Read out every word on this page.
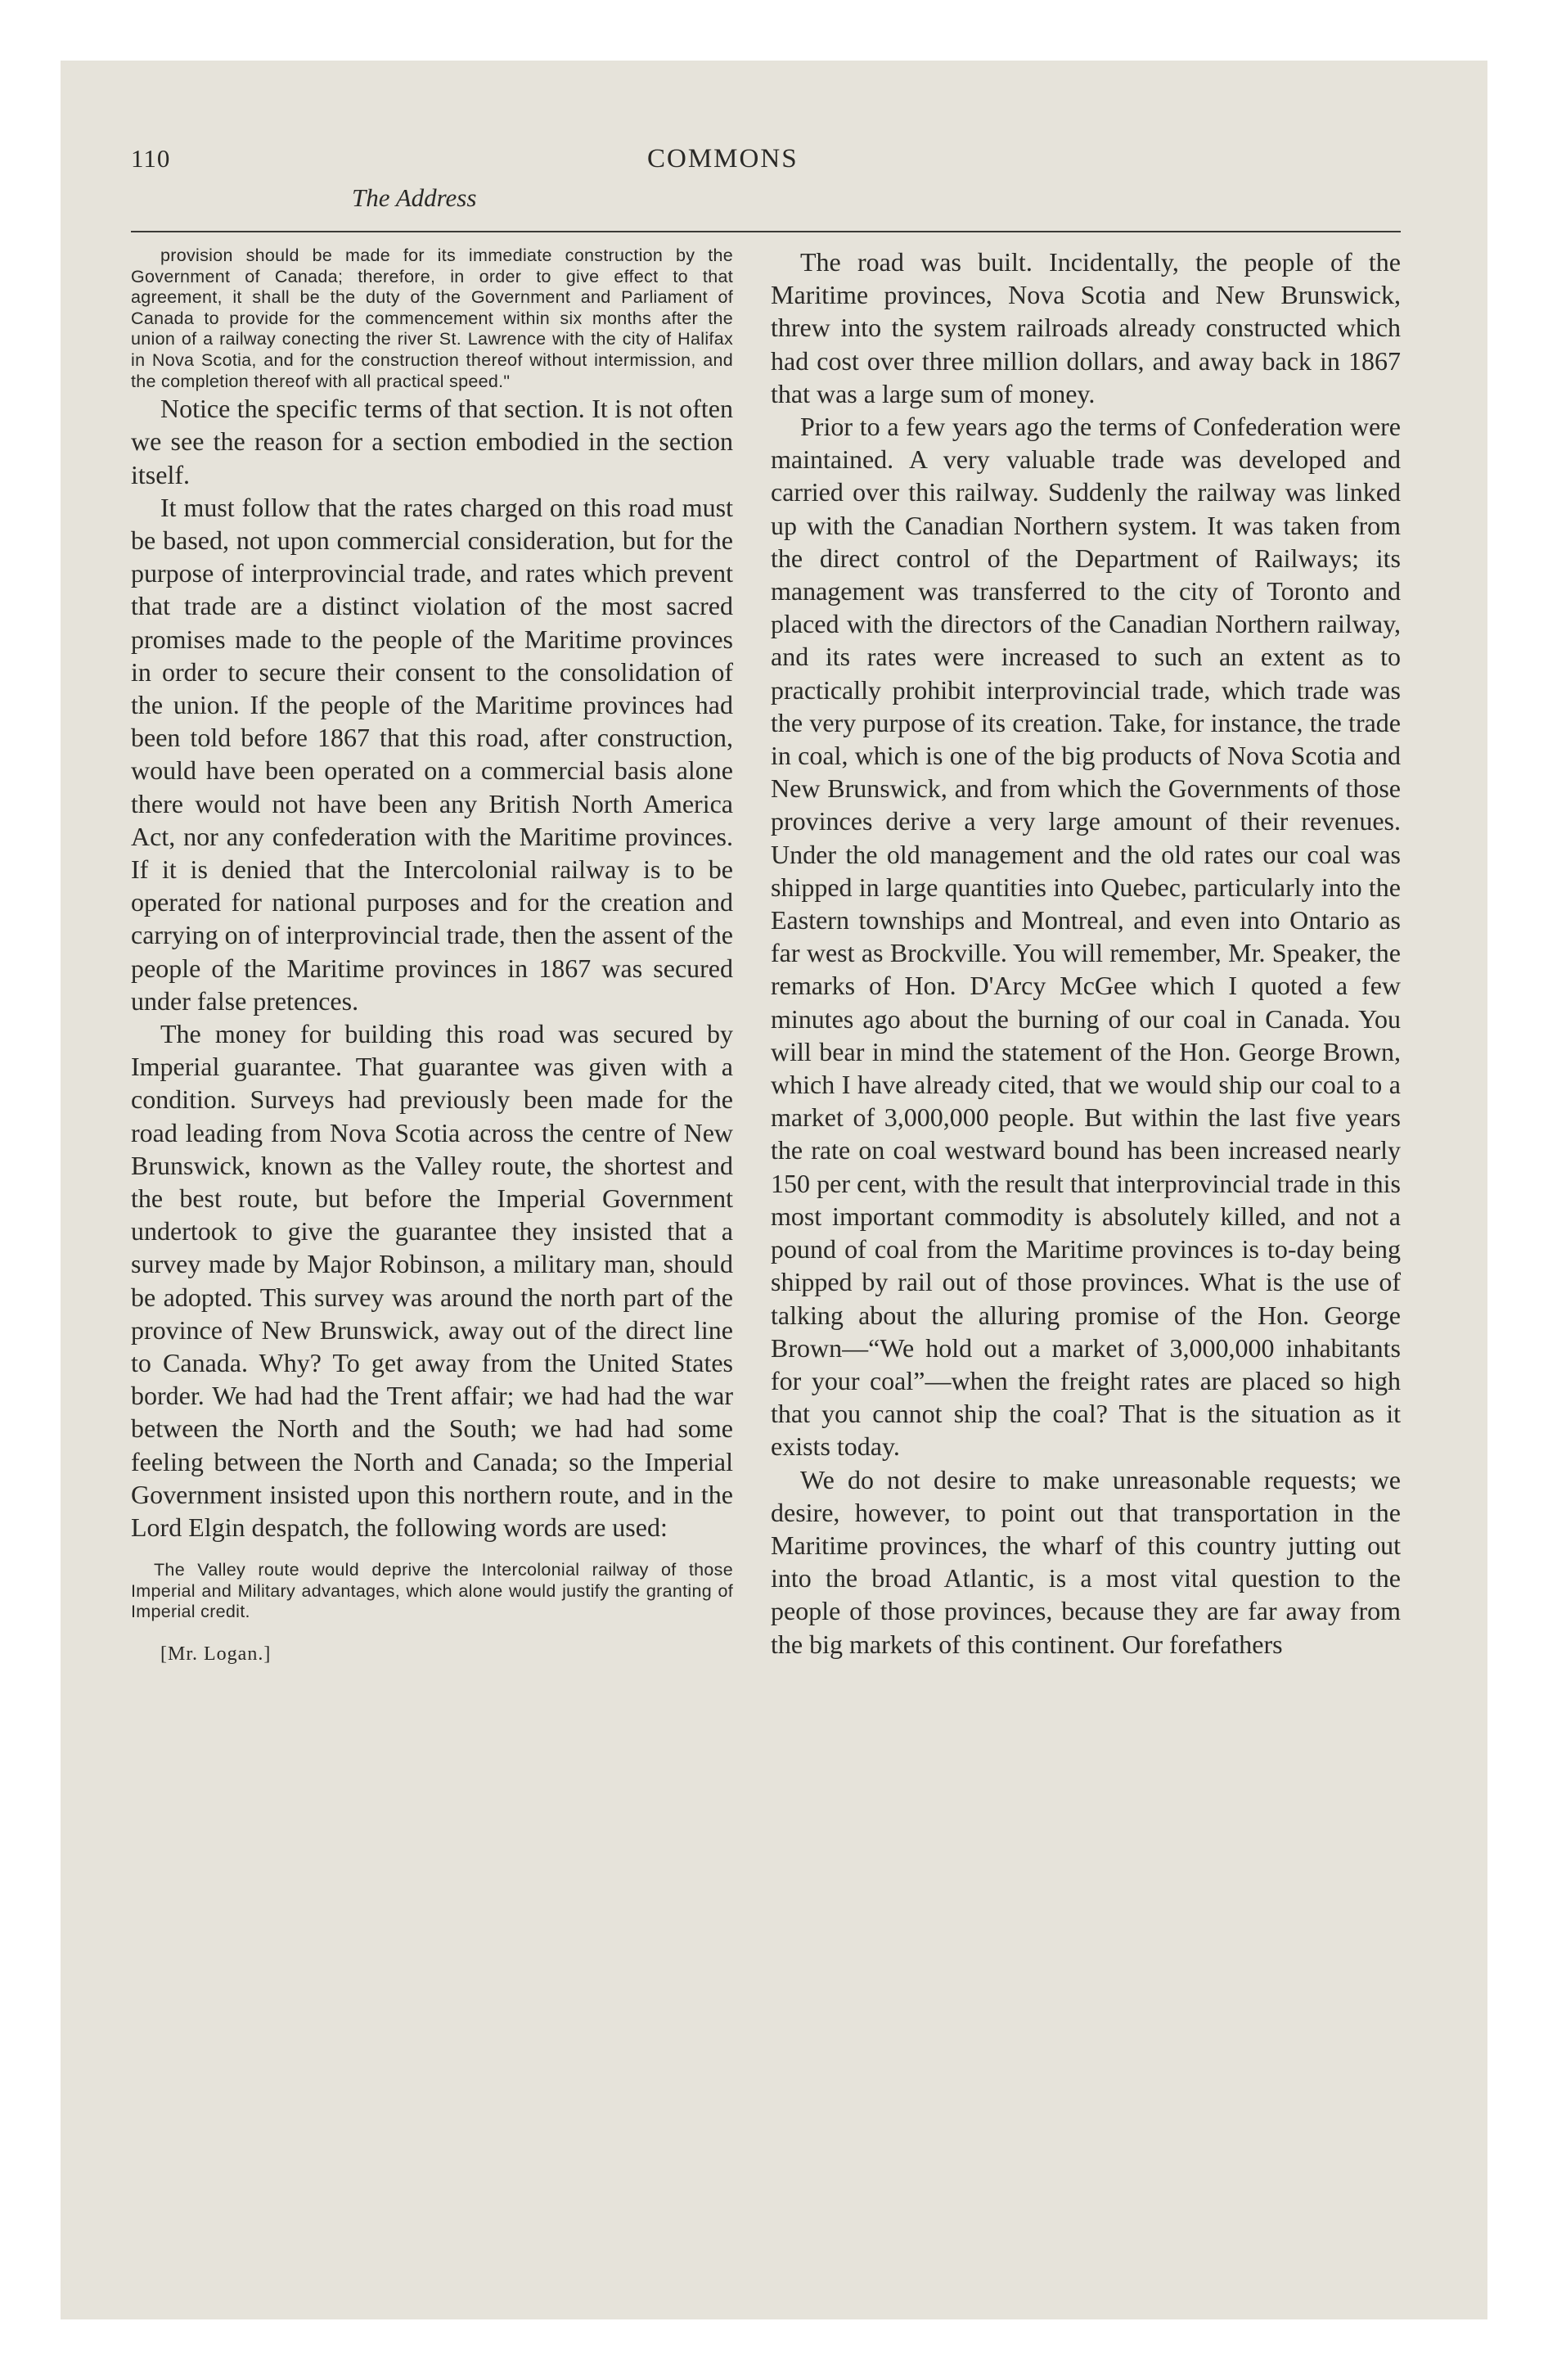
110	COMMONS
The Address

provision should be made for its immediate construction by the Government of Canada; therefore, in order to give effect to that agreement, it shall be the duty of the Government and Parliament of Canada to provide for the commencement within six months after the union of a railway conecting the river St. Lawrence with the city of Halifax in Nova Scotia, and for the construction thereof without intermission, and the completion thereof with all practical speed."

Notice the specific terms of that section. It is not often we see the reason for a section embodied in the section itself.

It must follow that the rates charged on this road must be based, not upon commercial consideration, but for the purpose of interprovincial trade, and rates which prevent that trade are a distinct violation of the most sacred promises made to the people of the Maritime provinces in order to secure their consent to the consolidation of the union. If the people of the Maritime provinces had been told before 1867 that this road, after construction, would have been operated on a commercial basis alone there would not have been any British North America Act, nor any confederation with the Maritime provinces. If it is denied that the Intercolonial railway is to be operated for national purposes and for the creation and carrying on of interprovincial trade, then the assent of the people of the Maritime provinces in 1867 was secured under false pretences.

The money for building this road was secured by Imperial guarantee. That guarantee was given with a condition. Surveys had previously been made for the road leading from Nova Scotia across the centre of New Brunswick, known as the Valley route, the shortest and the best route, but before the Imperial Government undertook to give the guarantee they insisted that a survey made by Major Robinson, a military man, should be adopted. This survey was around the north part of the province of New Brunswick, away out of the direct line to Canada. Why? To get away from the United States border. We had had the Trent affair; we had had the war between the North and the South; we had had some feeling between the North and Canada; so the Imperial Government insisted upon this northern route, and in the Lord Elgin despatch, the following words are used:

The Valley route would deprive the Intercolonial railway of those Imperial and Military advantages, which alone would justify the granting of Imperial credit.

[Mr. Logan.]

The road was built. Incidentally, the people of the Maritime provinces, Nova Scotia and New Brunswick, threw into the system railroads already constructed which had cost over three million dollars, and away back in 1867 that was a large sum of money.

Prior to a few years ago the terms of Confederation were maintained. A very valuable trade was developed and carried over this railway. Suddenly the railway was linked up with the Canadian Northern system. It was taken from the direct control of the Department of Railways; its management was transferred to the city of Toronto and placed with the directors of the Canadian Northern railway, and its rates were increased to such an extent as to practically prohibit interprovincial trade, which trade was the very purpose of its creation. Take, for instance, the trade in coal, which is one of the big products of Nova Scotia and New Brunswick, and from which the Governments of those provinces derive a very large amount of their revenues. Under the old management and the old rates our coal was shipped in large quantities into Quebec, particularly into the Eastern townships and Montreal, and even into Ontario as far west as Brockville. You will remember, Mr. Speaker, the remarks of Hon. D'Arcy McGee which I quoted a few minutes ago about the burning of our coal in Canada. You will bear in mind the statement of the Hon. George Brown, which I have already cited, that we would ship our coal to a market of 3,000,000 people. But within the last five years the rate on coal westward bound has been increased nearly 150 per cent, with the result that interprovincial trade in this most important commodity is absolutely killed, and not a pound of coal from the Maritime provinces is to-day being shipped by rail out of those provinces. What is the use of talking about the alluring promise of the Hon. George Brown—“We hold out a market of 3,000,000 inhabitants for your coal”—when the freight rates are placed so high that you cannot ship the coal? That is the situation as it exists today.

We do not desire to make unreasonable requests; we desire, however, to point out that transportation in the Maritime provinces, the wharf of this country jutting out into the broad Atlantic, is a most vital question to the people of those provinces, because they are far away from the big markets of this continent. Our forefathers
